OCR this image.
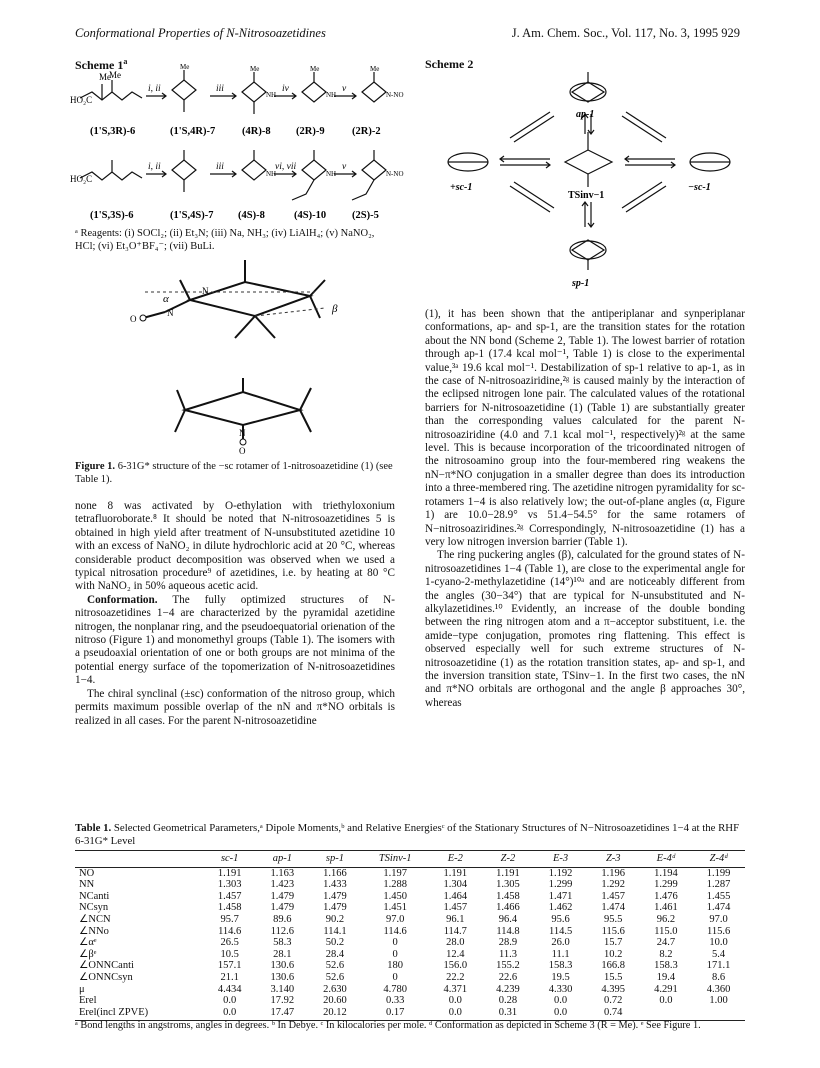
Conformational Properties of N-Nitrosoazetidines	J. Am. Chem. Soc., Vol. 117, No. 3, 1995 929
Scheme 1$^a$
HO₂C
Me
Me
Me	Me	Me	Me
NH	N-NO
NH
HO₂C	NH	N-NO
NH
i, ii	iii	iv	v
i, ii	iii	vi, vii	v
(1'S,3R)-6	(1'S,4R)-7	(4R)-8 (2R)-9	(2R)-2
(1'S,3S)-6	(1'S,4S)-7 (4S)-8	(4S)-10 (2S)-5
ᵃ Reagents: (i) SOCl₂; (ii) Et₃N; (iii) Na, NH₃; (iv) LiAlH₄; (v) NaNO₂, HCl; (vi) Et₃O⁺BF₄⁻; (vii) BuLi.
α
β
O
N
N
N
O
Figure 1. 6-31G* structure of the −sc rotamer of 1-nitrosoazetidine (1) (see Table 1).

none 8 was activated by O-ethylation with triethyloxonium tetrafluoroborate.⁸ It should be noted that N-nitrosoazetidines 5 is obtained in high yield after treatment of N-unsubstituted azetidine 10 with an excess of NaNO₂ in dilute hydrochloric acid at 20 °C, whereas considerable product decomposition was observed when we used a typical nitrosation procedure⁹ of azetidines, i.e. by heating at 80 °C with NaNO₂ in 50% aqueous acetic acid.

Conformation. The fully optimized structures of N-nitrosoazetidines 1−4 are characterized by the pyramidal azetidine nitrogen, the nonplanar ring, and the pseudoequatorial orienation of the nitroso (Figure 1) and monomethyl groups (Table 1). The isomers with a pseudoaxial orientation of one or both groups are not minima of the potential energy surface of the topomerization of N-nitrosoazetidines 1−4.

The chiral synclinal (±sc) conformation of the nitroso group, which permits maximum possible overlap of the nN and π*NO orbitals is realized in all cases. For the parent N-nitrosoazetidine

Scheme 2
ap-1
sp-1
+sc-1	−sc-1
TSinv−1

(1), it has been shown that the antiperiplanar and synperiplanar conformations, ap- and sp-1, are the transition states for the rotation about the NN bond (Scheme 2, Table 1). The lowest barrier of rotation through ap-1 (17.4 kcal mol⁻¹, Table 1) is close to the experimental value,³ᵃ 19.6 kcal mol⁻¹. Destabilization of sp-1 relative to ap-1, as in the case of N-nitrosoaziridine,²ᵍ is caused mainly by the interaction of the eclipsed nitrogen lone pair. The calculated values of the rotational barriers for N-nitrosoazetidine (1) (Table 1) are substantially greater than the corresponding values calculated for the parent N-nitrosoaziridine (4.0 and 7.1 kcal mol⁻¹, respectively)²ᵍ at the same level. This is because incorporation of the tricoordinated nitrogen of the nitrosoamino group into the four-membered ring weakens the nN−π*NO conjugation in a smaller degree than does its introduction into a three-membered ring. The azetidine nitrogen pyramidality for sc-rotamers 1−4 is also relatively low; the out-of-plane angles (α, Figure 1) are 10.0−28.9° vs 51.4−54.5° for the same rotamers of N−nitrosoaziridines.²ᵍ Correspondingly, N-nitrosoazetidine (1) has a very low nitrogen inversion barrier (Table 1).

The ring puckering angles (β), calculated for the ground states of N-nitrosoazetidines 1−4 (Table 1), are close to the experimental angle for 1-cyano-2-methylazetidine (14°)¹⁰ᵃ and are noticeably different from the angles (30−34°) that are typical for N-unsubstituted and N-alkylazetidines.¹⁰ Evidently, an increase of the double bonding between the ring nitrogen atom and a π−acceptor substituent, i.e. the amide−type conjugation, promotes ring flattening. This effect is observed especially well for such extreme structures of N-nitrosoazetidine (1) as the rotation transition states, ap- and sp-1, and the inversion transition state, TSinv−1. In the first two cases, the nN and π*NO orbitals are orthogonal and the angle β approaches 30°, whereas

Table 1. Selected Geometrical Parameters,ᵃ Dipole Moments,ᵇ and Relative Energiesᶜ of the Stationary Structures of N−Nitrosoazetidines 1−4 at the RHF 6-31G* Level
	sc-1	ap-1	sp-1	TSinv-1	E-2	Z-2	E-3	Z-3	E-4ᵈ	Z-4ᵈ
NO	1.191	1.163	1.166	1.197	1.191	1.191	1.192	1.196	1.194	1.199
NN	1.303	1.423	1.433	1.288	1.304	1.305	1.299	1.292	1.299	1.287
NCanti	1.457	1.479	1.479	1.450	1.464	1.458	1.471	1.457	1.476	1.455
NCsyn	1.458	1.479	1.479	1.451	1.457	1.466	1.462	1.474	1.461	1.474
∠NCN	95.7	89.6	90.2	97.0	96.1	96.4	95.6	95.5	96.2	97.0
∠NNo	114.6	112.6	114.1	114.6	114.7	114.8	114.5	115.6	115.0	115.6
∠αᵉ	26.5	58.3	50.2	0	28.0	28.9	26.0	15.7	24.7	10.0
∠βᵉ	10.5	28.1	28.4	0	12.4	11.3	11.1	10.2	8.2	5.4
∠ONNCanti	157.1	130.6	52.6	180	156.0	155.2	158.3	166.8	158.3	171.1
∠ONNCsyn	21.1	130.6	52.6	0	22.2	22.6	19.5	15.5	19.4	8.6
μ	4.434	3.140	2.630	4.780	4.371	4.239	4.330	4.395	4.291	4.360
Erel	0.0	17.92	20.60	0.33	0.0	0.28	0.0	0.72	0.0	1.00
Erel(incl ZPVE)	0.0	17.47	20.12	0.17	0.0	0.31	0.0	0.74		
ᵃ Bond lengths in angstroms, angles in degrees. ᵇ In Debye. ᶜ In kilocalories per mole. ᵈ Conformation as depicted in Scheme 3 (R = Me). ᵉ See Figure 1.
